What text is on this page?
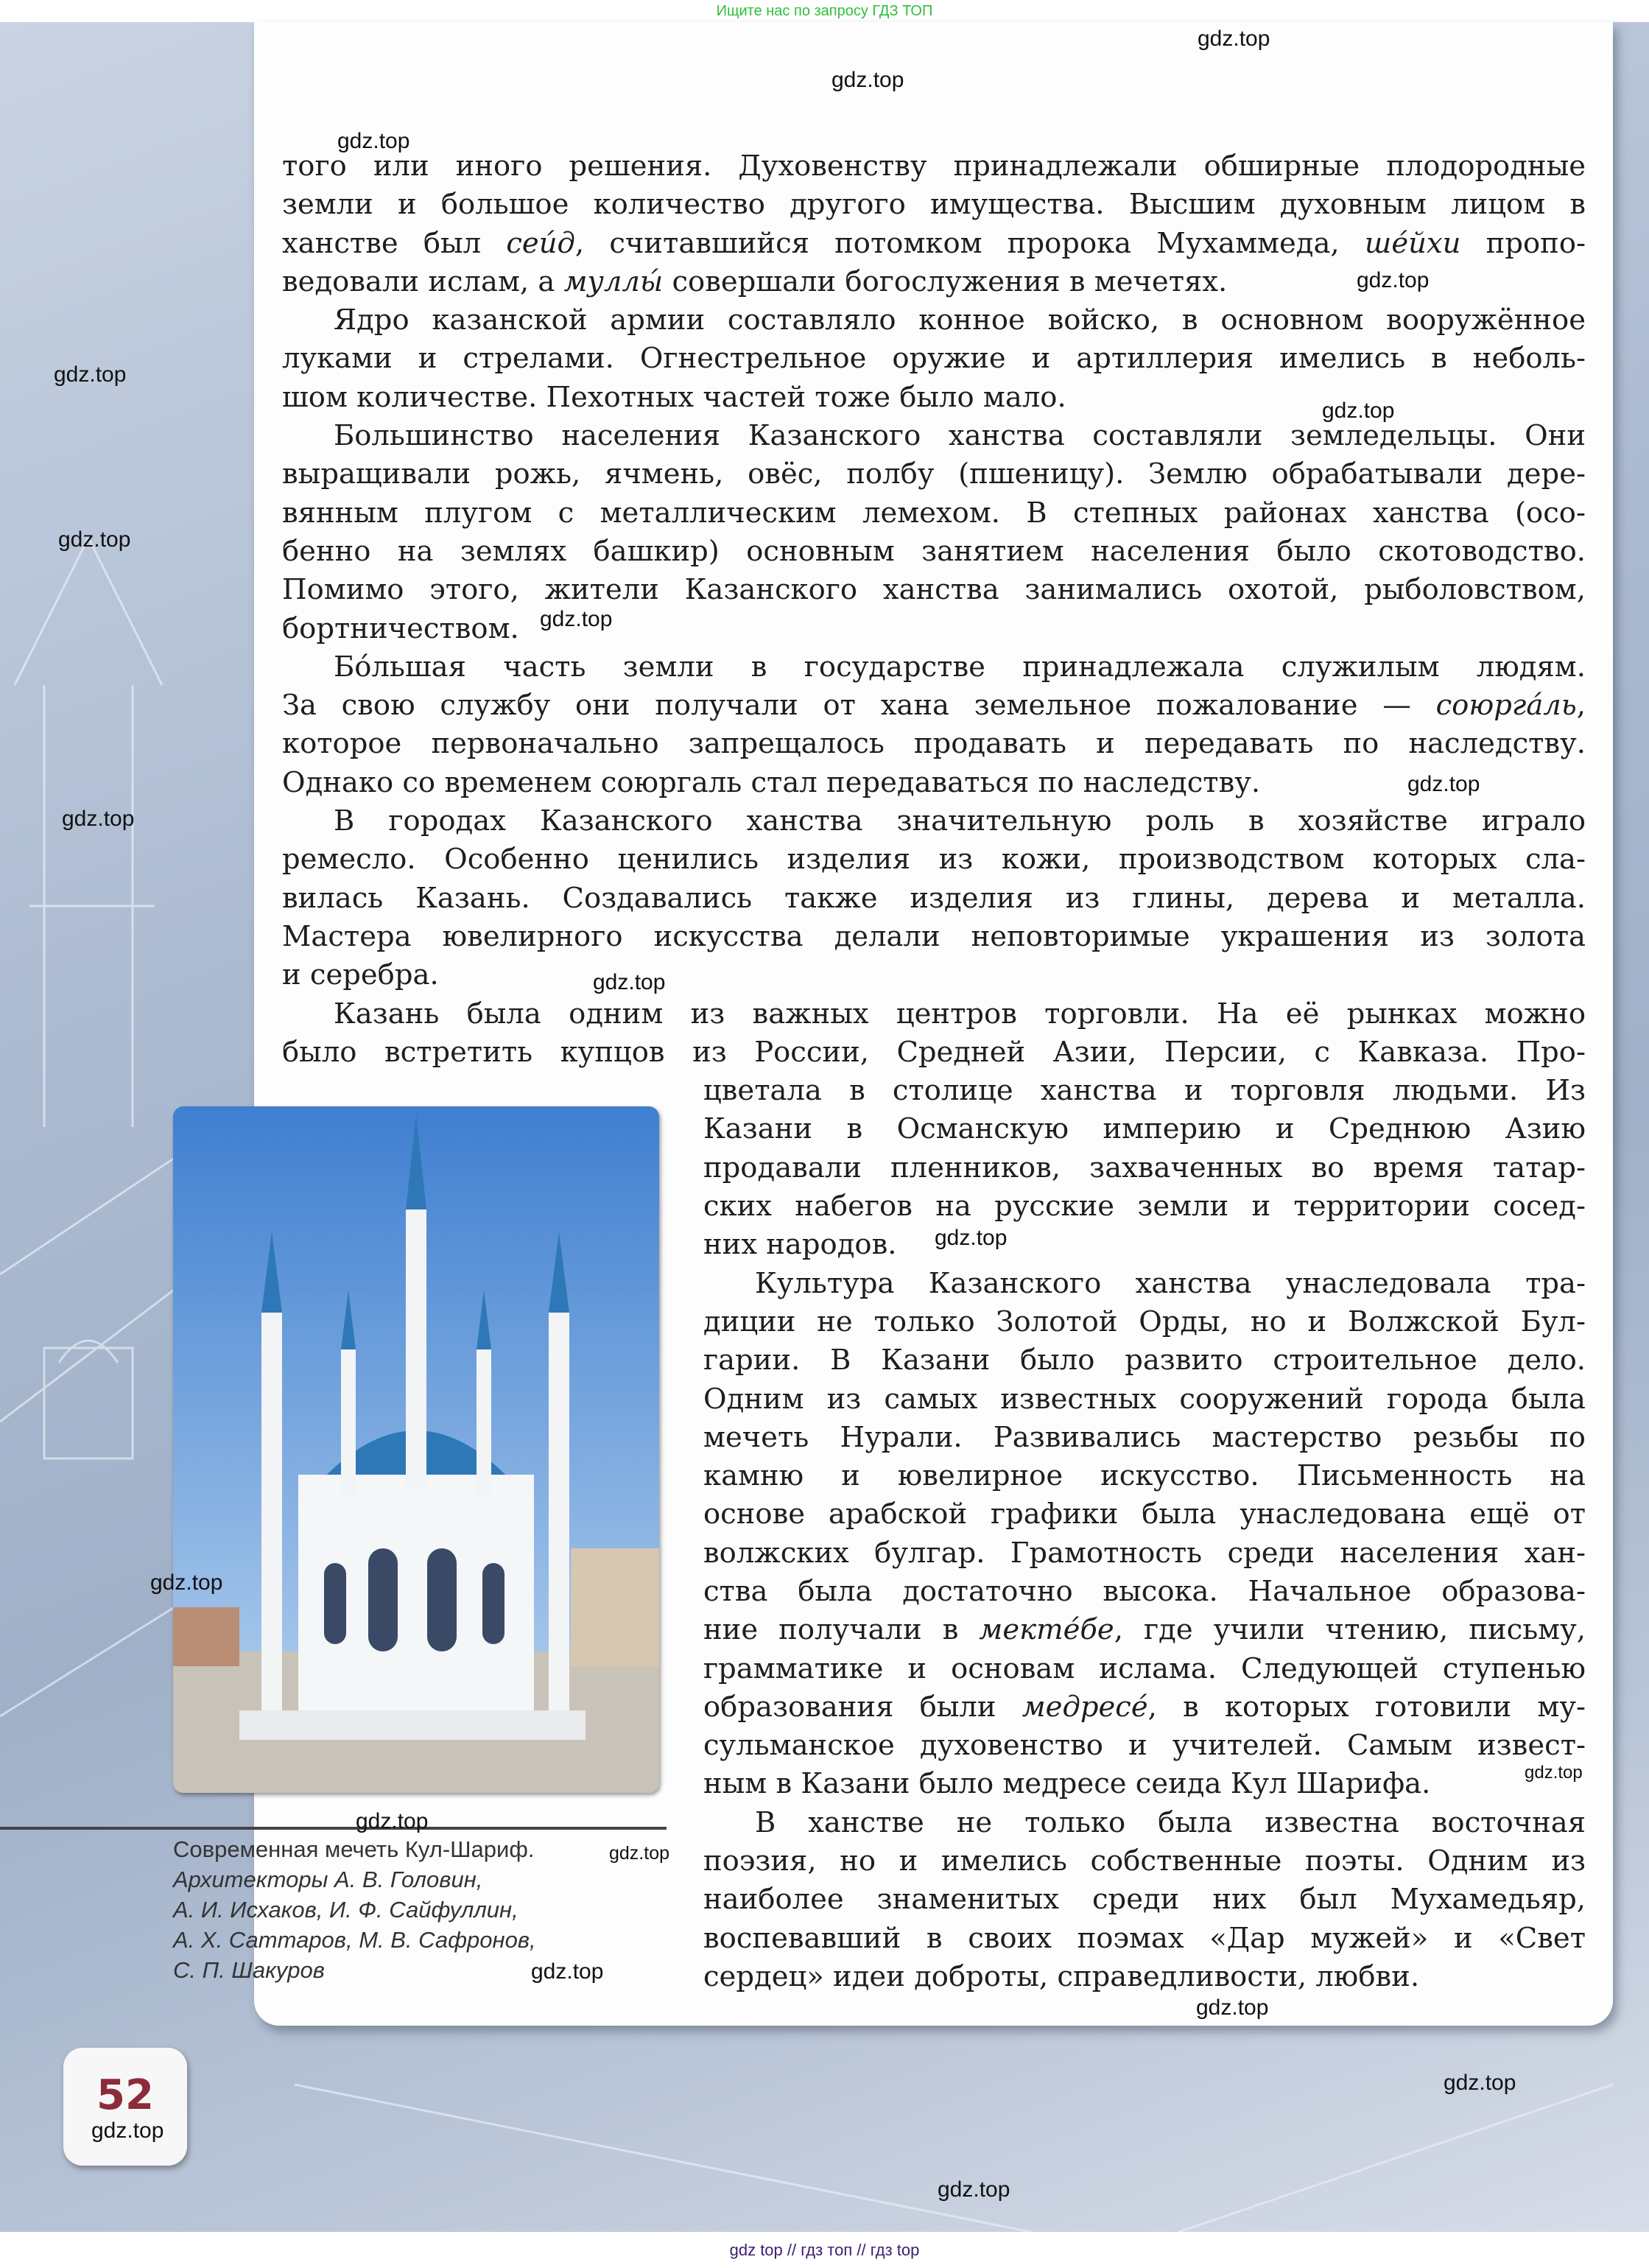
Ищите нас по запросу ГДЗ ТОП
того или иного решения. Духовенству принадлежали обширные плодородные
земли и большое количество другого имущества. Высшим духовным лицом в
ханстве был сеи́д, считавшийся потомком пророка Мухаммеда, ше́йхи пропо-
ведовали ислам, а муллы́ совершали богослужения в мечетях.
Ядро казанской армии составляло конное войско, в основном вооружённое
луками и стрелами. Огнестрельное оружие и артиллерия имелись в неболь-
шом количестве. Пехотных частей тоже было мало.
Большинство населения Казанского ханства составляли земледельцы. Они
выращивали рожь, ячмень, овёс, полбу (пшеницу). Землю обрабатывали дере-
вянным плугом с металлическим лемехом. В степных районах ханства (осо-
бенно на землях башкир) основным занятием населения было скотоводство.
Помимо этого, жители Казанского ханства занимались охотой, рыболовством,
бортничеством.
Бо́льшая часть земли в государстве принадлежала служилым людям.
За свою службу они получали от хана земельное пожалование — союрга́ль,
которое первоначально запрещалось продавать и передавать по наследству.
Однако со временем союргаль стал передаваться по наследству.
В городах Казанского ханства значительную роль в хозяйстве играло
ремесло. Особенно ценились изделия из кожи, производством которых сла-
вилась Казань. Создавались также изделия из глины, дерева и металла.
Мастера ювелирного искусства делали неповторимые украшения из золота
и серебра.
Казань была одним из важных центров торговли. На её рынках можно
было встретить купцов из России, Средней Азии, Персии, с Кавказа. Про-
цветала в столице ханства и торговля людьми. Из
Казани в Османскую империю и Среднюю Азию
продавали пленников, захваченных во время татар-
ских набегов на русские земли и территории сосед-
них народов.
Культура Казанского ханства унаследовала тра-
диции не только Золотой Орды, но и Волжской Бул-
гарии. В Казани было развито строительное дело.
Одним из самых известных сооружений города была
мечеть Нурали. Развивались мастерство резьбы по
камню и ювелирное искусство. Письменность на
основе арабской графики была унаследована ещё от
волжских булгар. Грамотность среди населения хан-
ства была достаточно высока. Начальное образова-
ние получали в мекте́бе, где учили чтению, письму,
грамматике и основам ислама. Следующей ступенью
образования были медресе́, в которых готовили му-
сульманское духовенство и учителей. Самым извест-
ным в Казани было медресе сеида Кул Шарифа.
В ханстве не только была известна восточная
поэзия, но и имелись собственные поэты. Одним из
наиболее знаменитых среди них был Мухамедьяр,
воспевавший в своих поэмах «Дар мужей» и «Свет
сердец» идеи доброты, справедливости, любви.
Современная мечеть Кул-Шариф.
Архитекторы А. В. Головин,
А. И. Исхаков, И. Ф. Сайфуллин,
А. Х. Саттаров, М. В. Сафронов,
С. П. Шакуров
52
gdz.top
gdz.top
gdz.top
gdz.top
gdz.top
gdz.top
gdz.top
gdz.top
gdz.top
gdz.top
gdz.top
gdz.top
gdz.top
gdz.top
gdz.top
gdz.top
gdz.top
gdz.top
gdz.top
gdz.top
gdz.top
gdz top // гдз топ // гдз top
